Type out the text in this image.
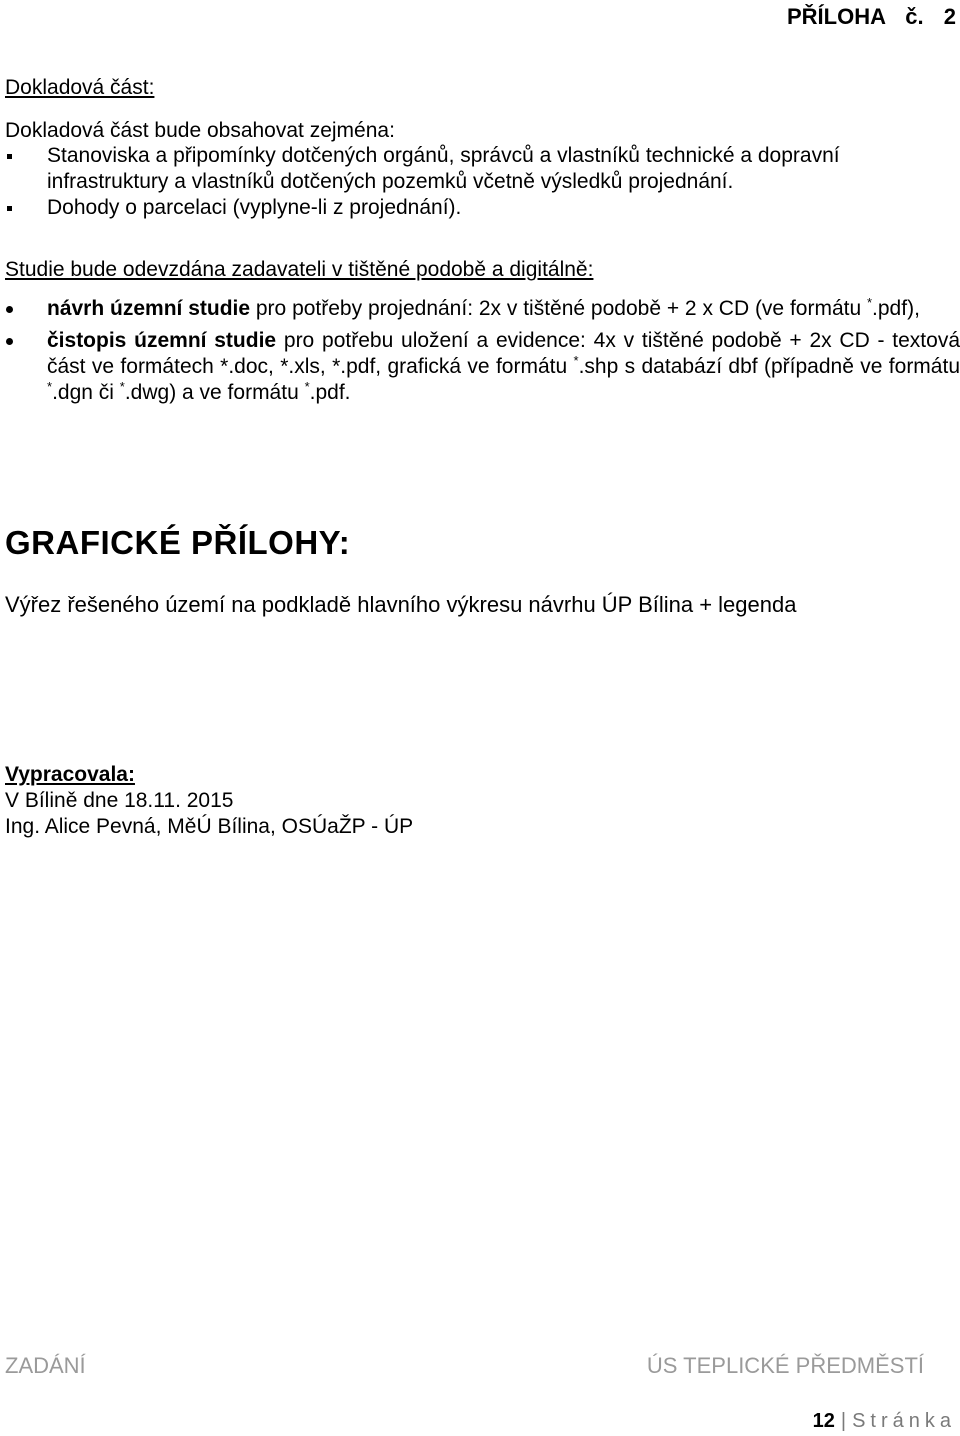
PŘÍLOHA č. 2
Dokladová část:
Dokladová část bude obsahovat zejména:
Stanoviska a připomínky dotčených orgánů, správců a vlastníků technické a dopravní infrastruktury a vlastníků dotčených pozemků včetně výsledků projednání.
Dohody o parcelaci (vyplyne-li z projednání).
Studie bude odevzdána zadavateli v tištěné podobě a digitálně:
návrh územní studie pro potřeby projednání: 2x v tištěné podobě + 2 x CD (ve formátu *.pdf),
čistopis územní studie pro potřebu uložení a evidence: 4x v tištěné podobě + 2x CD - textová část ve formátech *.doc, *.xls, *.pdf, grafická ve formátu *.shp s databází dbf (případně ve formátu *.dgn či *.dwg) a ve formátu *.pdf.
GRAFICKÉ PŘÍLOHY:
Výřez řešeného území na podkladě hlavního výkresu návrhu ÚP Bílina + legenda
Vypracovala:
V Bílině dne 18.11. 2015
Ing. Alice Pevná, MěÚ Bílina, OSÚaŽP - ÚP
ZADÁNÍ	ÚS TEPLICKÉ PŘEDMĚSTÍ
12 | Stránka
